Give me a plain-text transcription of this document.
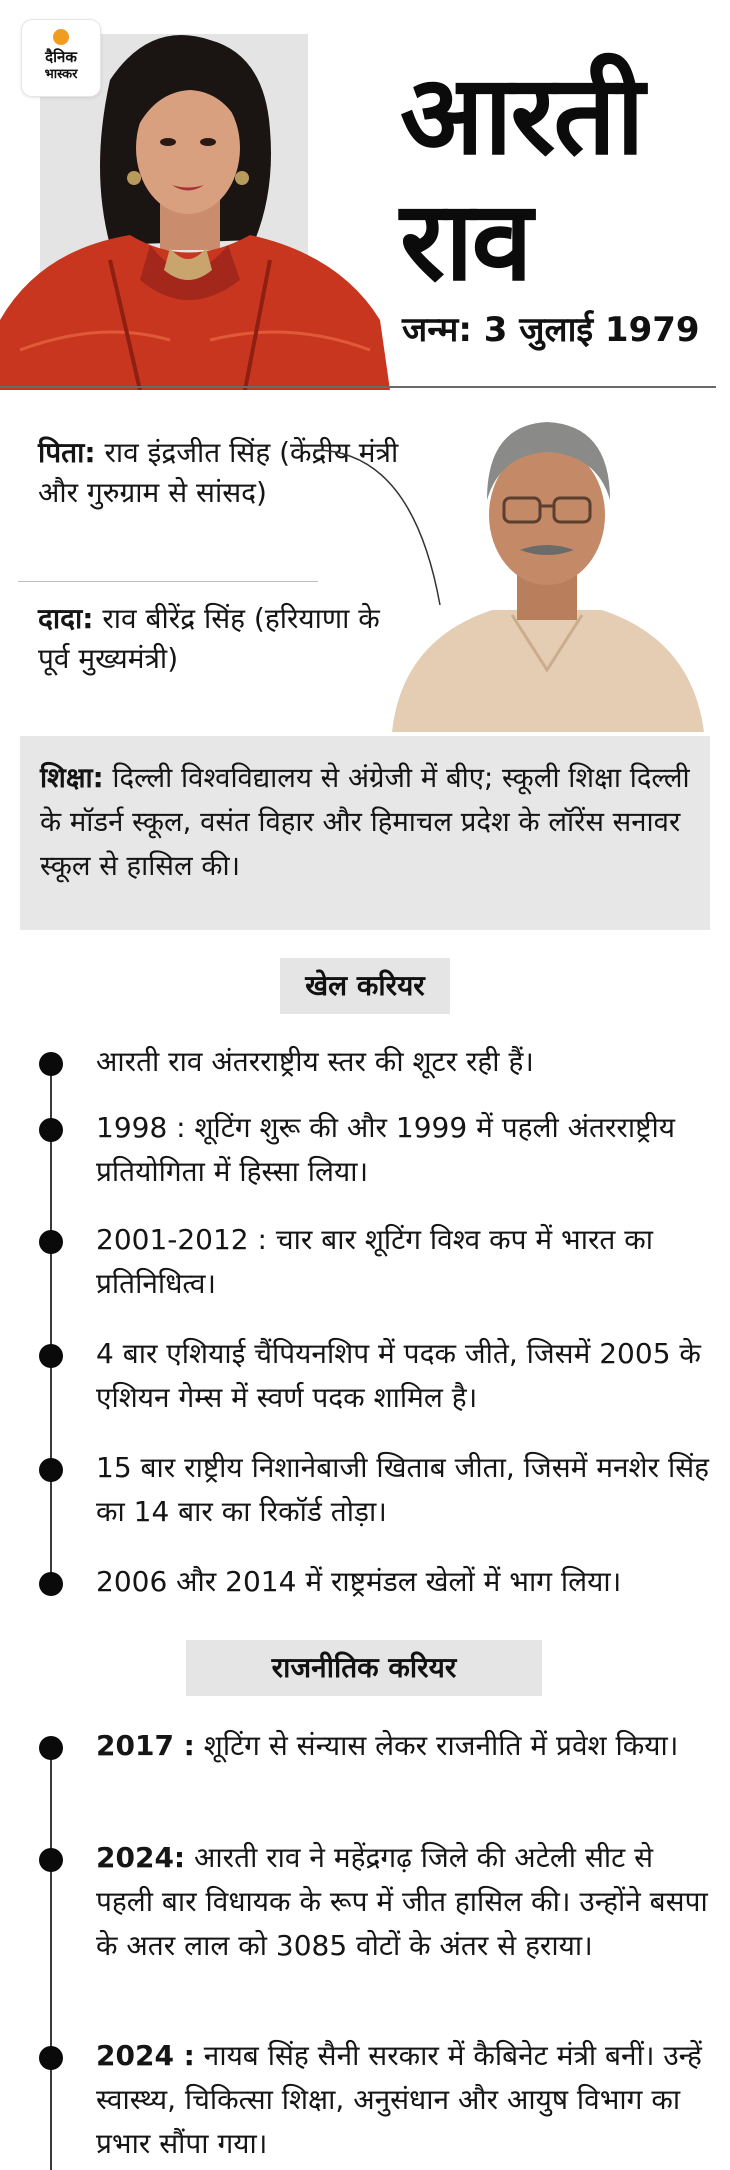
दैनिक
भास्कर	आरती
राव
जन्म: 3 जुलाई 1979
पिता: राव इंद्रजीत सिंह (केंद्रीय मंत्री और गुरुग्राम से सांसद)
दादा: राव बीरेंद्र सिंह (हरियाणा के पूर्व मुख्यमंत्री)
शिक्षा: दिल्ली विश्वविद्यालय से अंग्रेजी में बीए; स्कूली शिक्षा दिल्ली के मॉडर्न स्कूल, वसंत विहार और हिमाचल प्रदेश के लॉरेंस सनावर स्कूल से हासिल की।
खेल करियर
आरती राव अंतरराष्ट्रीय स्तर की शूटर रही हैं।
1998 : शूटिंग शुरू की और 1999 में पहली अंतरराष्ट्रीय प्रतियोगिता में हिस्सा लिया।
2001-2012 : चार बार शूटिंग विश्व कप में भारत का प्रतिनिधित्व।
4 बार एशियाई चैंपियनशिप में पदक जीते, जिसमें 2005 के एशियन गेम्स में स्वर्ण पदक शामिल है।
15 बार राष्ट्रीय निशानेबाजी खिताब जीता, जिसमें मनशेर सिंह का 14 बार का रिकॉर्ड तोड़ा।
2006 और 2014 में राष्ट्रमंडल खेलों में भाग लिया।
राजनीतिक करियर
2017 : शूटिंग से संन्यास लेकर राजनीति में प्रवेश किया।
2024: आरती राव ने महेंद्रगढ़ जिले की अटेली सीट से पहली बार विधायक के रूप में जीत हासिल की। उन्होंने बसपा के अतर लाल को 3085 वोटों के अंतर से हराया।
2024 : नायब सिंह सैनी सरकार में कैबिनेट मंत्री बनीं। उन्हें स्वास्थ्य, चिकित्सा शिक्षा, अनुसंधान और आयुष विभाग का प्रभार सौंपा गया।
